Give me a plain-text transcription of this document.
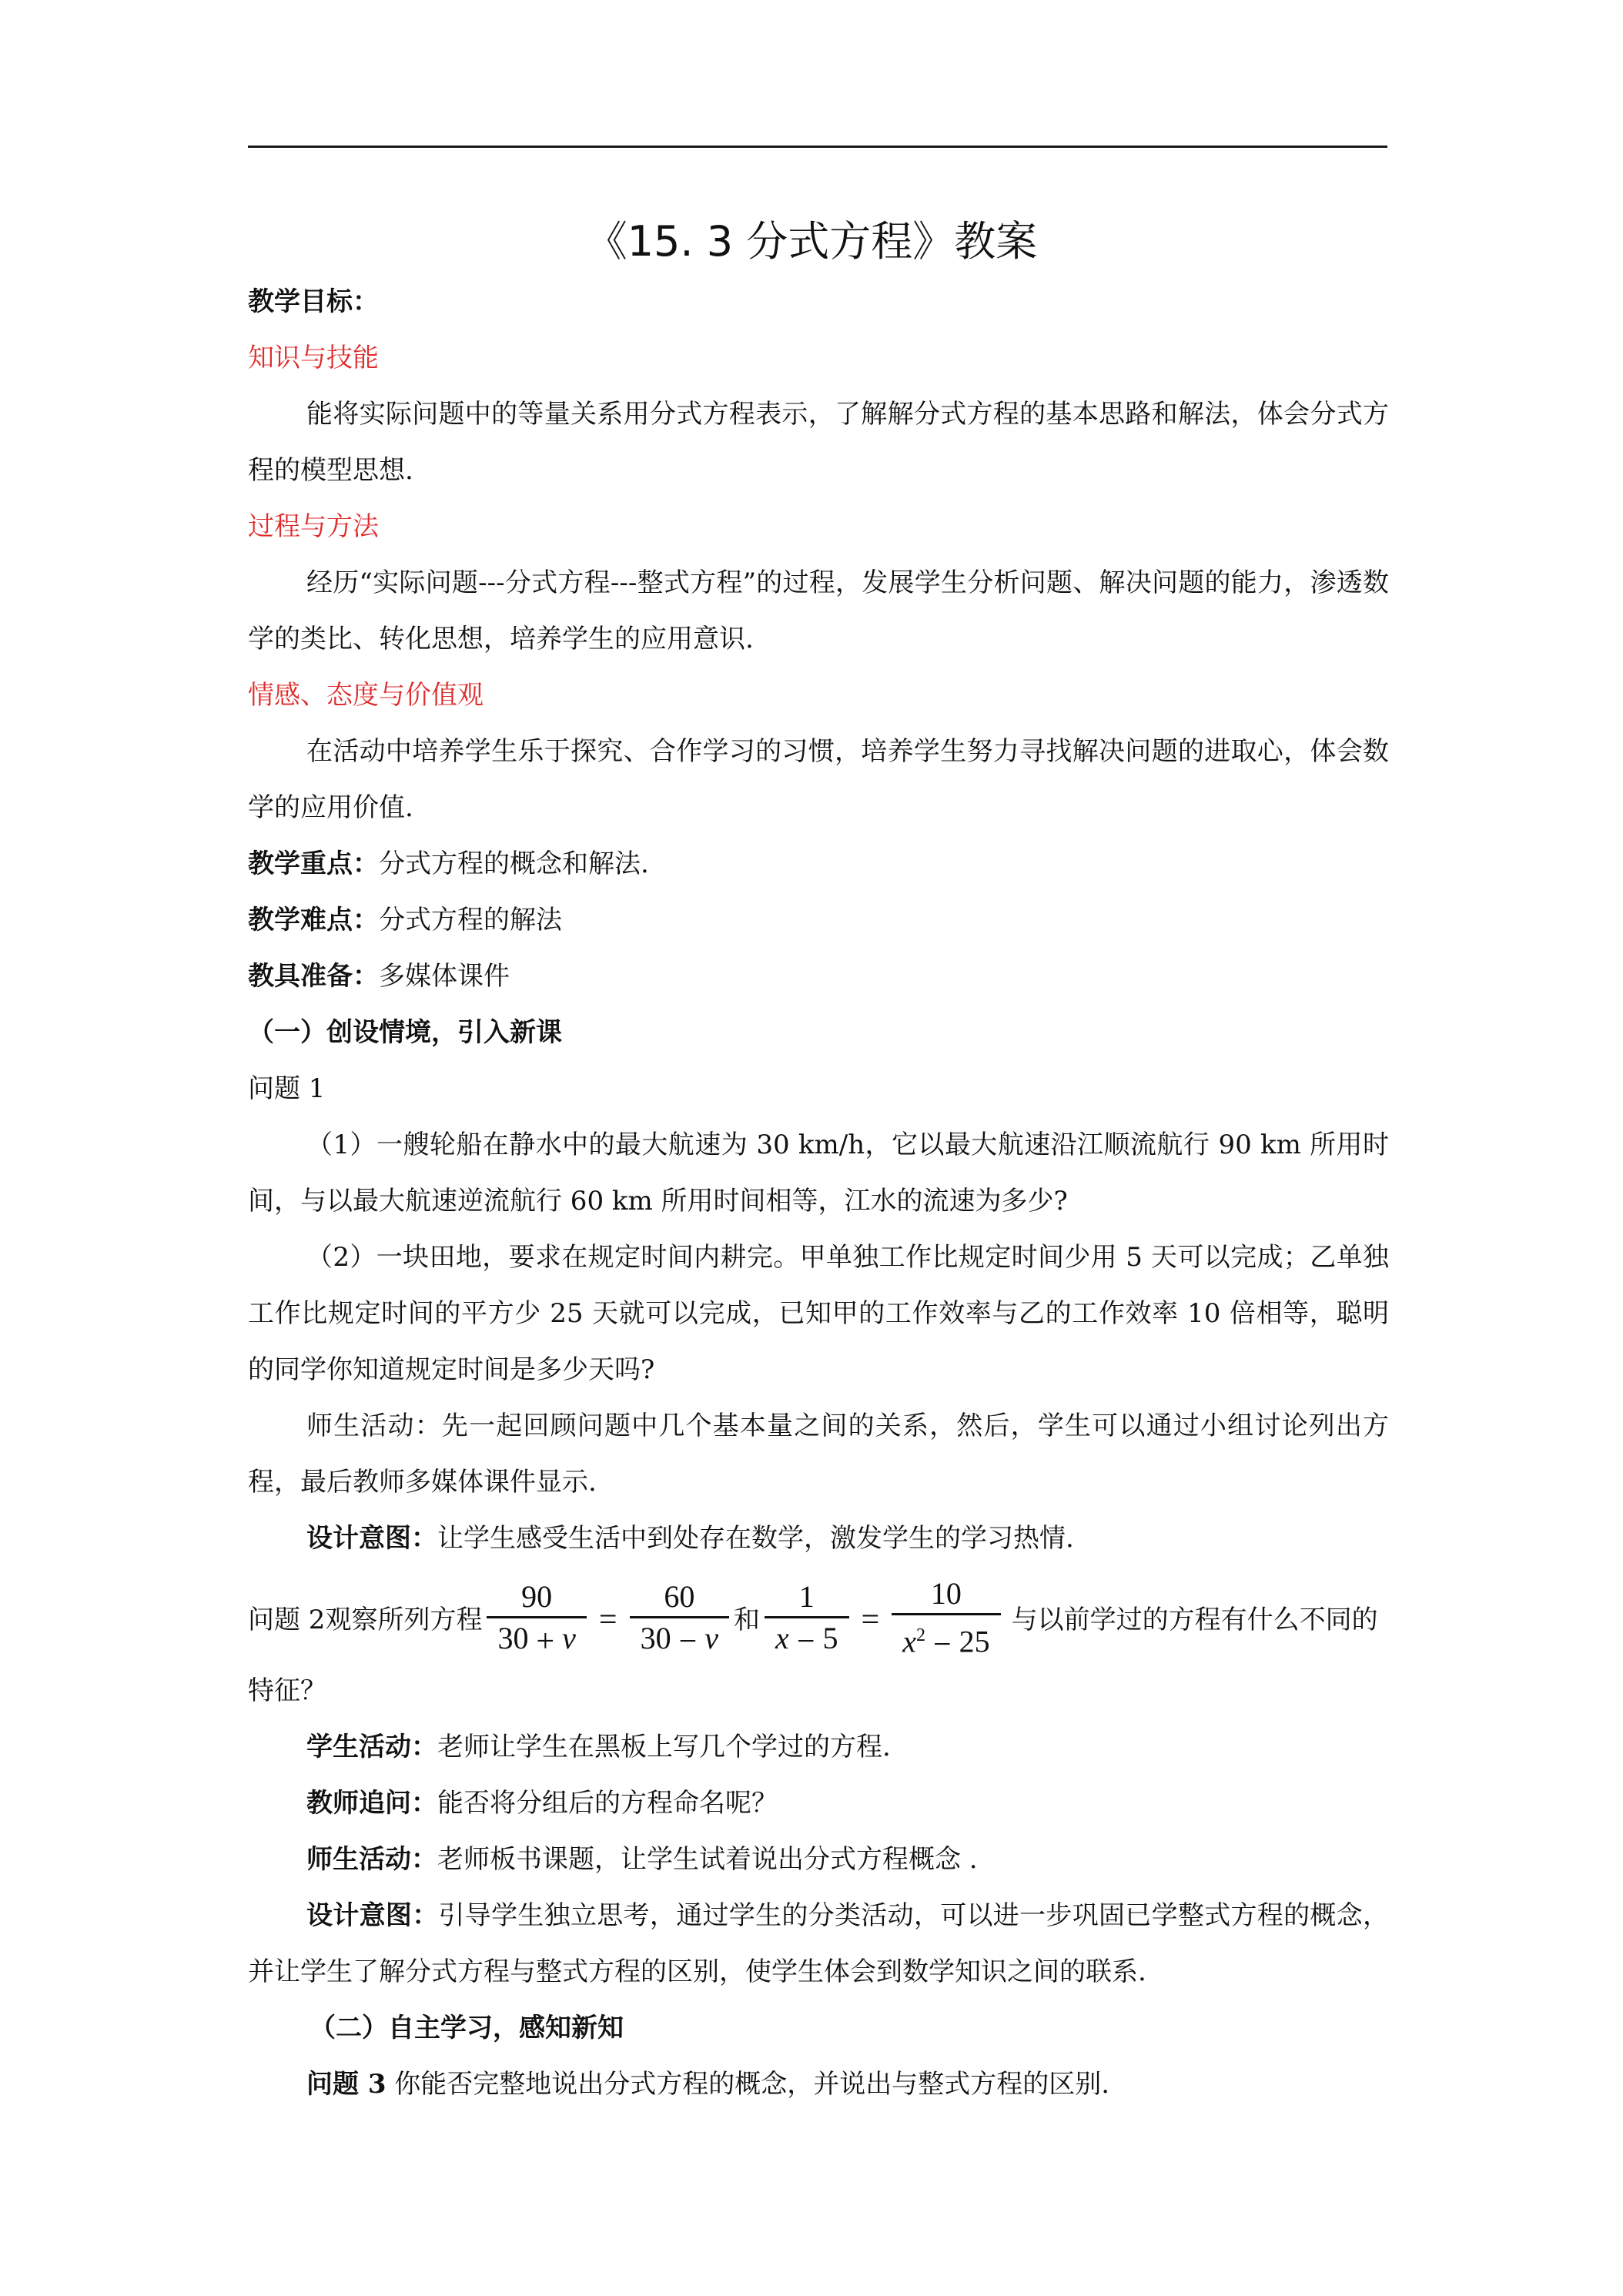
《15. 3 分式方程》教案

教学目标：

知识与技能

能将实际问题中的等量关系用分式方程表示，了解解分式方程的基本思路和解法，体会分式方程的模型思想.

过程与方法

经历“实际问题---分式方程---整式方程”的过程，发展学生分析问题、解决问题的能力，渗透数学的类比、转化思想，培养学生的应用意识.

情感、态度与价值观

在活动中培养学生乐于探究、合作学习的习惯，培养学生努力寻找解决问题的进取心，体会数学的应用价值.

教学重点：分式方程的概念和解法.

教学难点：分式方程的解法

教具准备：多媒体课件

（一）创设情境，引入新课

问题 1

（1）一艘轮船在静水中的最大航速为 30 km/h，它以最大航速沿江顺流航行 90 km 所用时间，与以最大航速逆流航行 60 km 所用时间相等，江水的流速为多少?

（2）一块田地，要求在规定时间内耕完。甲单独工作比规定时间少用 5 天可以完成；乙单独工作比规定时间的平方少 25 天就可以完成，已知甲的工作效率与乙的工作效率 10 倍相等，聪明的同学你知道规定时间是多少天吗?

师生活动：先一起回顾问题中几个基本量之间的关系，然后，学生可以通过小组讨论列出方程，最后教师多媒体课件显示.

设计意图：让学生感受生活中到处存在数学，激发学生的学习热情.

问题 2 观察所列方程 $\frac{90}{30 + v} = \frac{60}{30 - v}$ 和 $\frac{1}{x - 5} = \frac{10}{x^2 - 25}$ 与以前学过的方程有什么不同的

特征？

学生活动：老师让学生在黑板上写几个学过的方程.

教师追问：能否将分组后的方程命名呢？

师生活动：老师板书课题，让学生试着说出分式方程概念 .

设计意图：引导学生独立思考，通过学生的分类活动，可以进一步巩固已学整式方程的概念，并让学生了解分式方程与整式方程的区别，使学生体会到数学知识之间的联系.

（二）自主学习，感知新知

问题 3 你能否完整地说出分式方程的概念，并说出与整式方程的区别.
